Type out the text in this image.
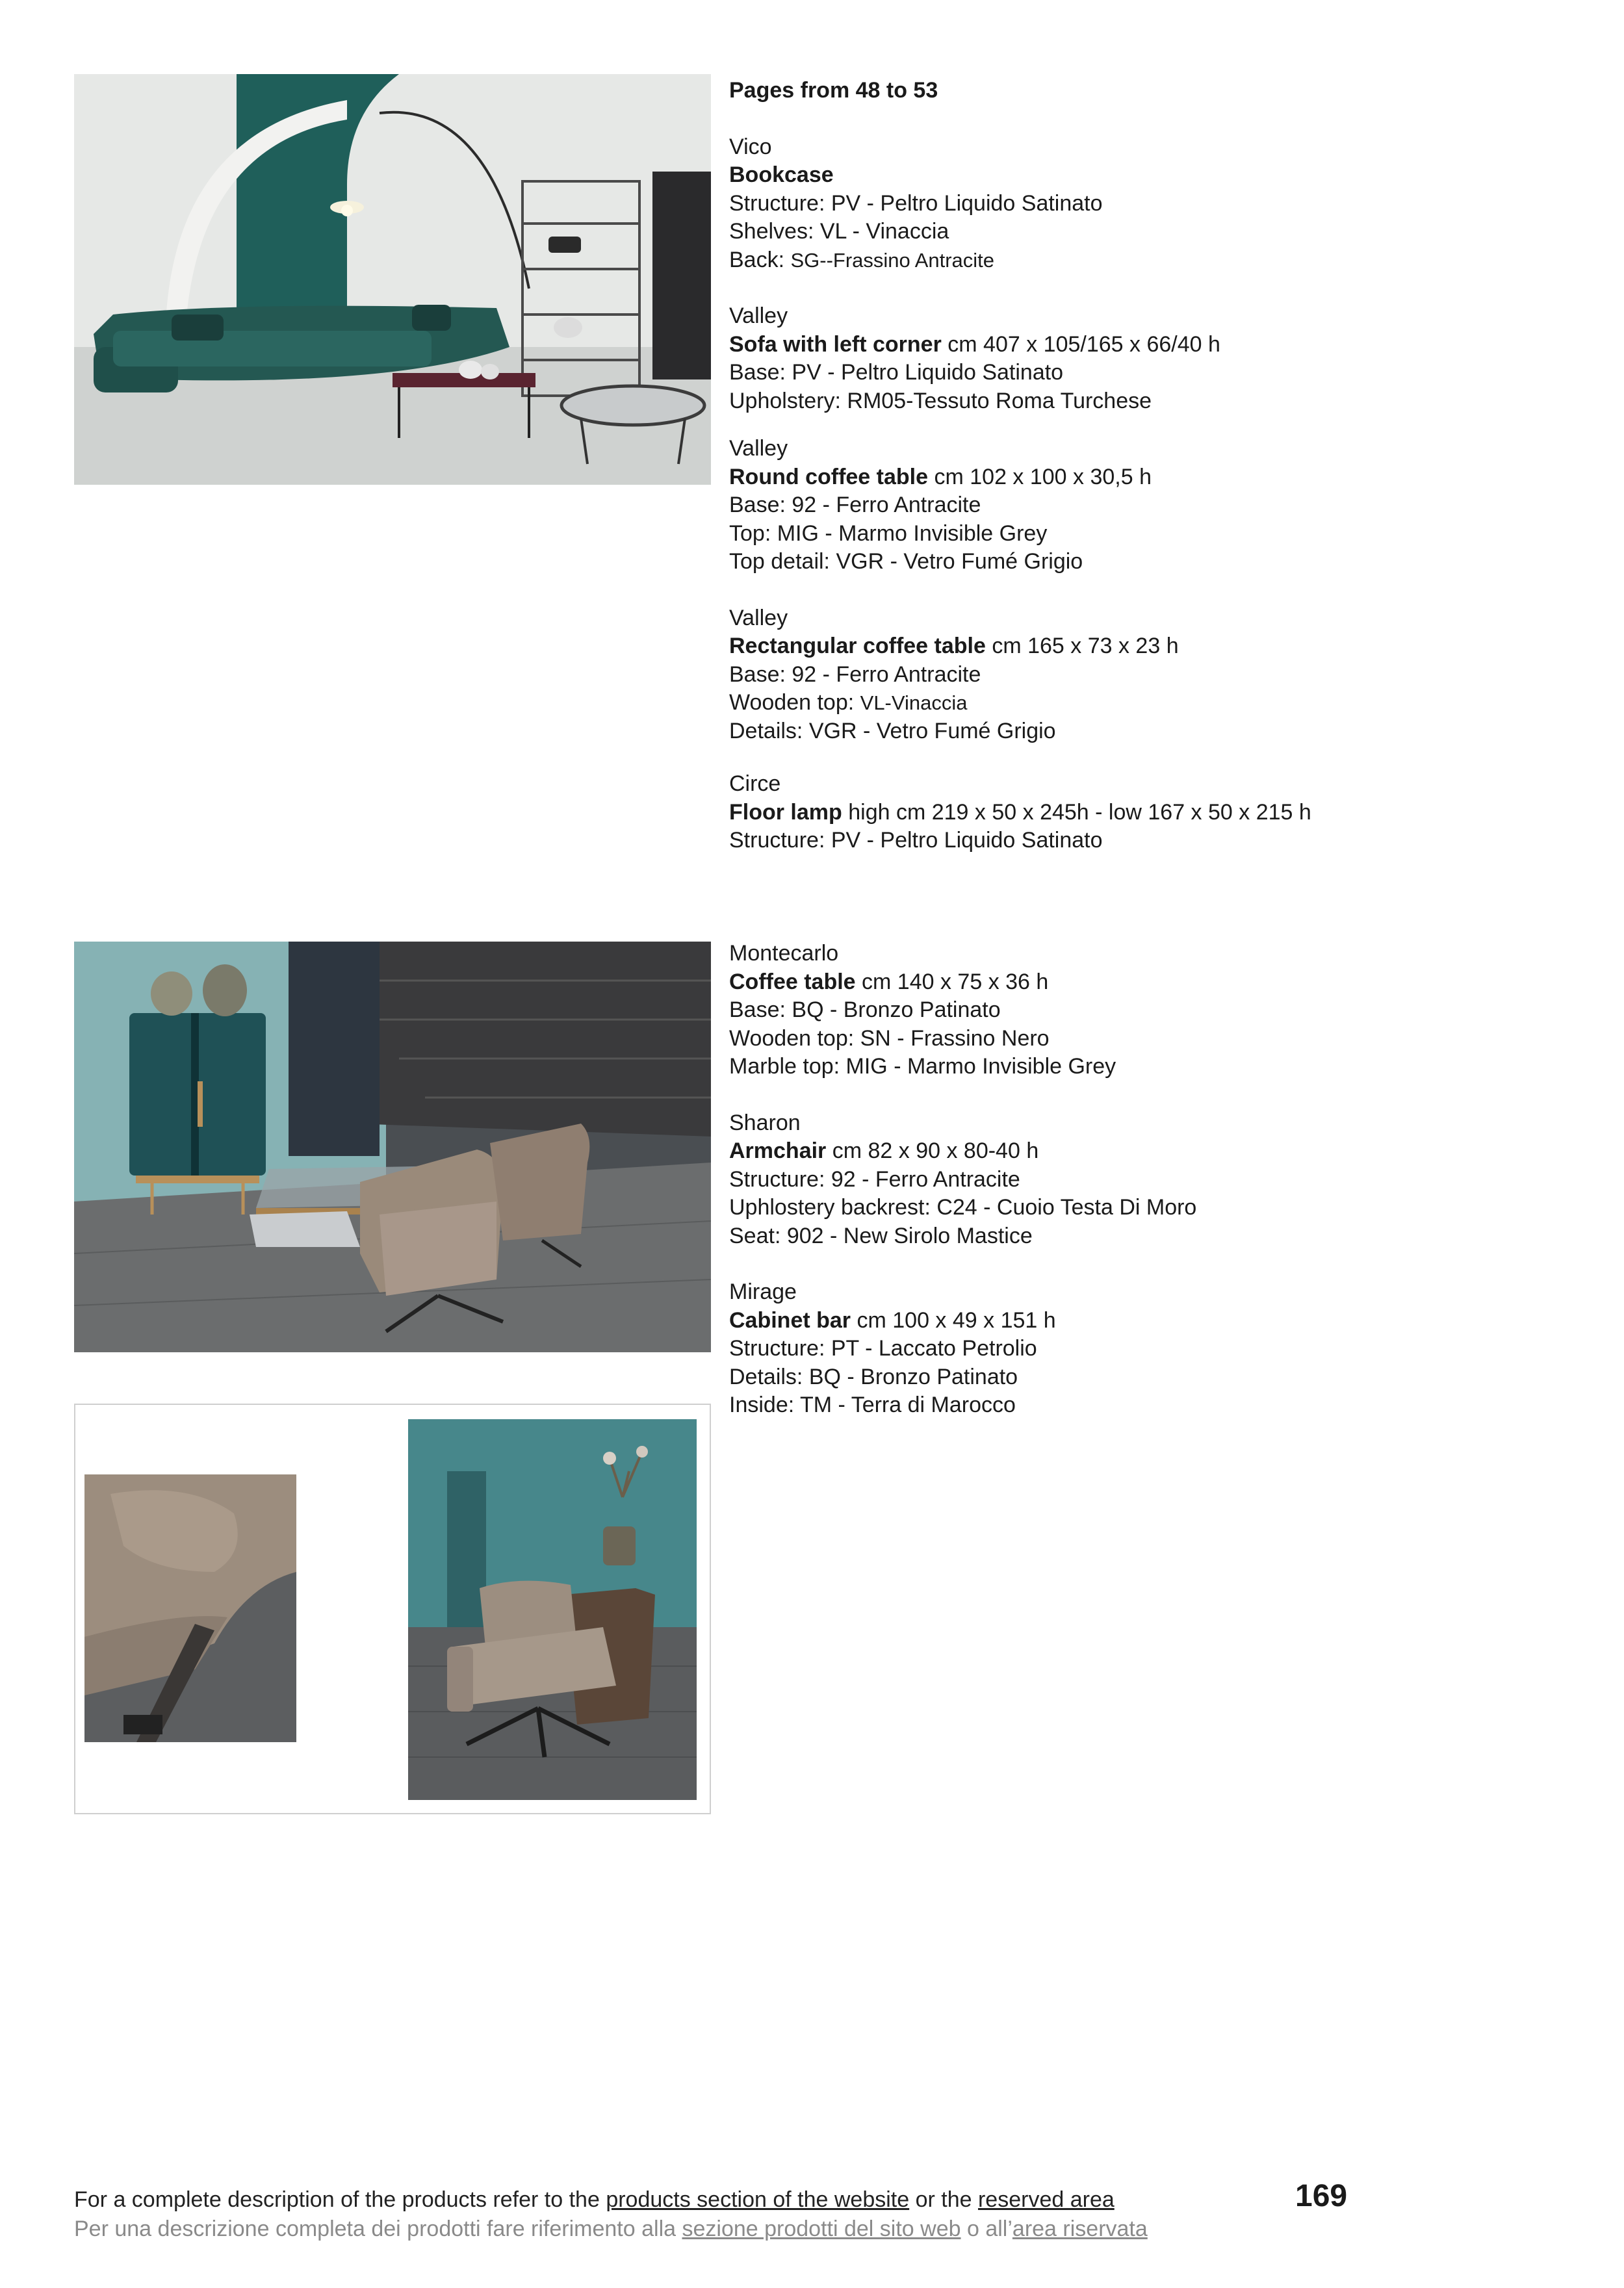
Pages from 48 to 53

Vico

Bookcase

Structure: PV - Peltro Liquido Satinato

Shelves: VL - Vinaccia

Back: SG--Frassino Antracite

Valley

Sofa with left corner cm 407 x 105/165 x 66/40 h

Base: PV - Peltro Liquido Satinato

Upholstery: RM05-Tessuto Roma Turchese

Valley

Round coffee table cm 102 x 100 x 30,5 h

Base: 92 - Ferro Antracite

Top: MIG - Marmo Invisible Grey

Top detail: VGR - Vetro Fumé Grigio

Valley

Rectangular coffee table cm 165 x 73 x 23 h

Base: 92 - Ferro Antracite

Wooden top: VL-Vinaccia

Details: VGR - Vetro Fumé Grigio

Circe

Floor lamp high cm 219 x 50 x 245h - low 167 x 50 x 215 h

Structure: PV - Peltro Liquido Satinato

Montecarlo

Coffee table cm 140 x 75 x 36 h

Base: BQ - Bronzo Patinato

Wooden top: SN - Frassino Nero

Marble top: MIG - Marmo Invisible Grey

Sharon

Armchair cm 82 x 90 x 80-40 h

Structure: 92 - Ferro Antracite

Uphlostery backrest: C24 - Cuoio Testa Di Moro

Seat: 902 - New Sirolo Mastice

Mirage

Cabinet bar cm 100 x 49 x 151 h

Structure: PT - Laccato Petrolio

Details: BQ - Bronzo Patinato

Inside: TM - Terra di Marocco

For a complete description of the products refer to the products section of the website or the reserved area
Per una descrizione completa dei prodotti fare riferimento alla sezione prodotti del sito web o all’area riservata
169
